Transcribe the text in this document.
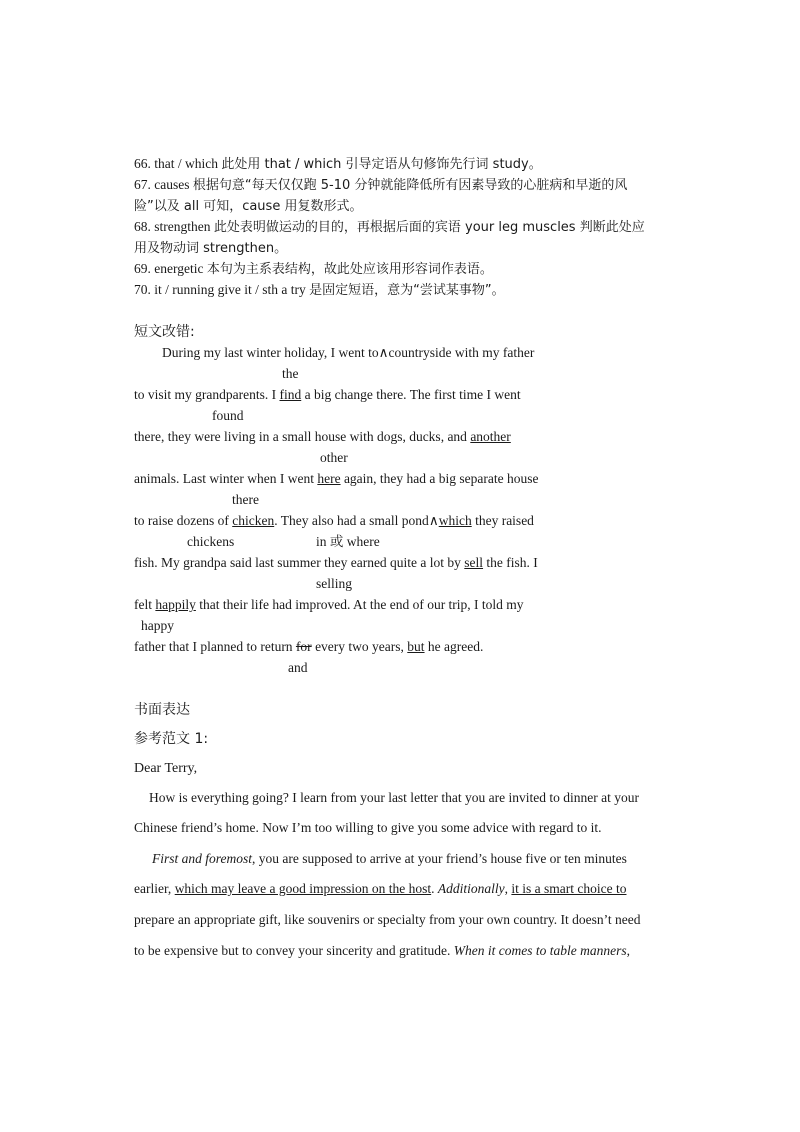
66. that / which 此处用 that / which 引导定语从句修饰先行词 study。
67. causes 根据句意“每天仅仅跑 5-10 分钟就能降低所有因素导致的心脏病和早逝的风
险”以及 all 可知，cause 用复数形式。
68. strengthen 此处表明做运动的目的，再根据后面的宾语 your leg muscles 判断此处应
用及物动词 strengthen。
69. energetic 本句为主系表结构，故此处应该用形容词作表语。
70. it / running give it / sth a try 是固定短语，意为“尝试某事物”。
短文改错:
During my last winter holiday, I went to∧countryside with my father
the
to visit my grandparents. I find a big change there. The first time I went
found
there, they were living in a small house with dogs, ducks, and another
other
animals. Last winter when I went here again, they had a big separate house
there
to raise dozens of chicken. They also had a small pond∧which they raised
chickens	in 或 where
fish. My grandpa said last summer they earned quite a lot by sell the fish. I
selling
felt happily that their life had improved. At the end of our trip, I told my
happy
father that I planned to return for every two years, but he agreed.
and
书面表达
参考范文 1:
Dear Terry,
How is everything going? I learn from your last letter that you are invited to dinner at your
Chinese friend’s home. Now I’m too willing to give you some advice with regard to it.
First and foremost, you are supposed to arrive at your friend’s house five or ten minutes
earlier, which may leave a good impression on the host. Additionally, it is a smart choice to
prepare an appropriate gift, like souvenirs or specialty from your own country. It doesn’t need
to be expensive but to convey your sincerity and gratitude. When it comes to table manners,
